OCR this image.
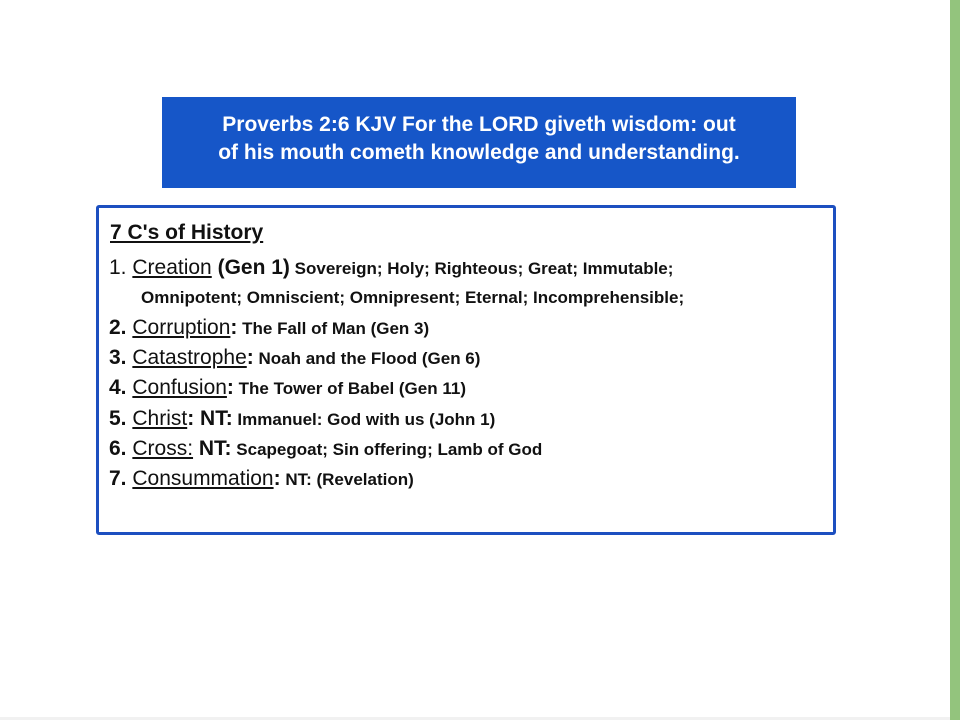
Proverbs 2:6 KJV For the LORD giveth wisdom: out
of his mouth cometh knowledge and understanding.
7 C's of History
1. Creation (Gen 1) Sovereign; Holy; Righteous; Great; Immutable;
Omnipotent; Omniscient; Omnipresent; Eternal; Incomprehensible;
2. Corruption: The Fall of Man (Gen 3)
3. Catastrophe: Noah and the Flood (Gen 6)
4. Confusion: The Tower of Babel (Gen 11)
5. Christ: NT: Immanuel: God with us (John 1)
6. Cross: NT: Scapegoat; Sin offering; Lamb of God
7. Consummation: NT: (Revelation)
